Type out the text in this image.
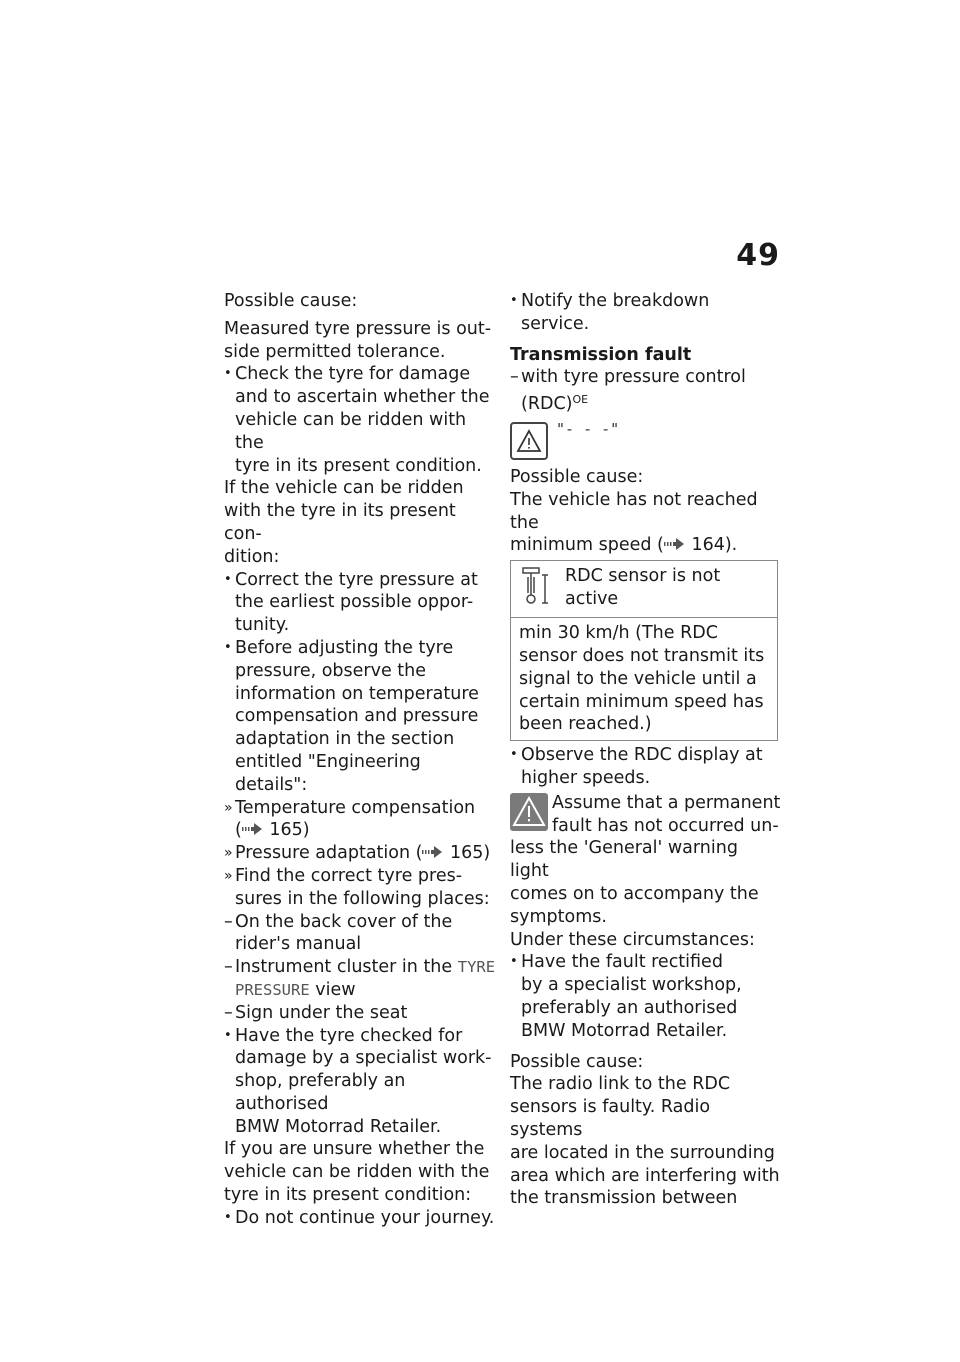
49

Possible cause:

Measured tyre pressure is out-
side permitted tolerance.

• Check the tyre for damage
and to ascertain whether the
vehicle can be ridden with the
tyre in its present condition.

If the vehicle can be ridden
with the tyre in its present con-
dition:

• Correct the tyre pressure at
the earliest possible oppor-
tunity.
• Before adjusting the tyre
pressure, observe the
information on temperature
compensation and pressure
adaptation in the section
entitled "Engineering details":
» Temperature compensation
( 165)
» Pressure adaptation ( 165)
» Find the correct tyre pres-
sures in the following places:
– On the back cover of the
rider's manual
– Instrument cluster in the TYRE
PRESSURE view
– Sign under the seat
• Have the tyre checked for
damage by a specialist work-
shop, preferably an authorised
BMW Motorrad Retailer.

If you are unsure whether the
vehicle can be ridden with the
tyre in its present condition:

• Do not continue your journey.
• Notify the breakdown service.

Transmission fault

– with tyre pressure control
(RDC)$^{OE}$
"- - -"

Possible cause:

The vehicle has not reached the
minimum speed ( 164).

RDC sensor is not active

min 30 km/h (The RDC
sensor does not transmit its
signal to the vehicle until a
certain minimum speed has
been reached.)
• Observe the RDC display at
higher speeds.
Assume that a permanent
fault has not occurred un-
less the 'General' warning light
comes on to accompany the
symptoms.

Under these circumstances:

• Have the fault rectified
by a specialist workshop,
preferably an authorised
BMW Motorrad Retailer.

Possible cause:

The radio link to the RDC
sensors is faulty. Radio systems
are located in the surrounding
area which are interfering with
the transmission between
